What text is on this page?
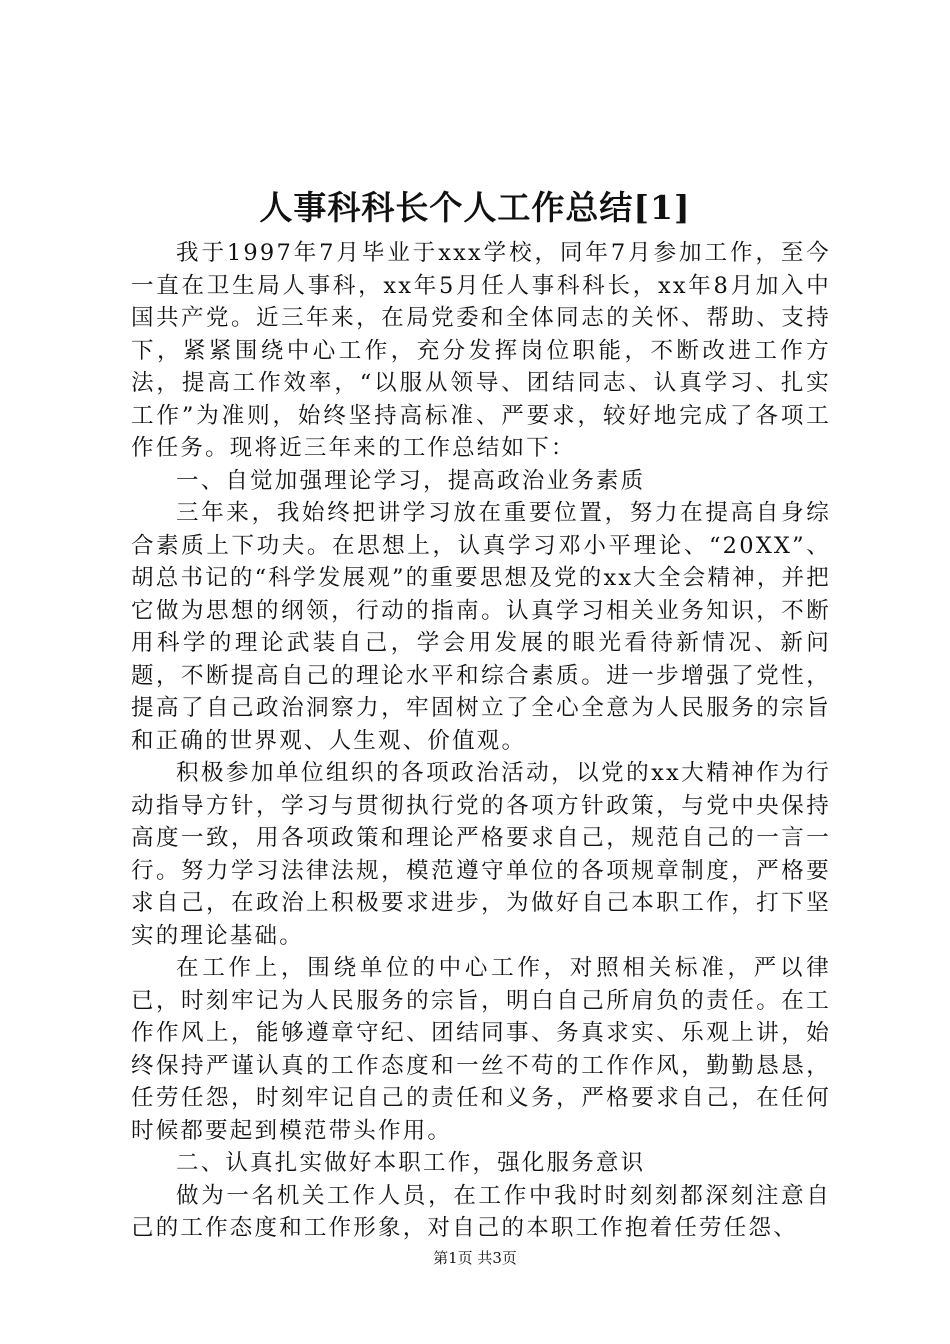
人事科科长个人工作总结[1]

我于1997年7月毕业于xxx学校，同年7月参加工作，至今一直在卫生局人事科，xx年5月任人事科科长，xx年8月加入中国共产党。近三年来，在局党委和全体同志的关怀、帮助、支持下，紧紧围绕中心工作，充分发挥岗位职能，不断改进工作方法，提高工作效率，“以服从领导、团结同志、认真学习、扎实工作”为准则，始终坚持高标准、严要求，较好地完成了各项工作任务。现将近三年来的工作总结如下：

一、自觉加强理论学习，提高政治业务素质

三年来，我始终把讲学习放在重要位置，努力在提高自身综合素质上下功夫。在思想上，认真学习邓小平理论、“20XX”、胡总书记的“科学发展观”的重要思想及党的xx大全会精神，并把它做为思想的纲领，行动的指南。认真学习相关业务知识，不断用科学的理论武装自己，学会用发展的眼光看待新情况、新问题，不断提高自己的理论水平和综合素质。进一步增强了党性，提高了自己政治洞察力，牢固树立了全心全意为人民服务的宗旨和正确的世界观、人生观、价值观。

积极参加单位组织的各项政治活动，以党的xx大精神作为行动指导方针，学习与贯彻执行党的各项方针政策，与党中央保持高度一致，用各项政策和理论严格要求自己，规范自己的一言一行。努力学习法律法规，模范遵守单位的各项规章制度，严格要求自己，在政治上积极要求进步，为做好自己本职工作，打下坚实的理论基础。

在工作上，围绕单位的中心工作，对照相关标准，严以律已，时刻牢记为人民服务的宗旨，明白自己所肩负的责任。在工作作风上，能够遵章守纪、团结同事、务真求实、乐观上讲，始终保持严谨认真的工作态度和一丝不苟的工作作风，勤勤恳恳，任劳任怨，时刻牢记自己的责任和义务，严格要求自己，在任何时候都要起到模范带头作用。

二、认真扎实做好本职工作，强化服务意识

做为一名机关工作人员，在工作中我时时刻刻都深刻注意自己的工作态度和工作形象，对自己的本职工作抱着任劳任怨、

第1页 共3页
